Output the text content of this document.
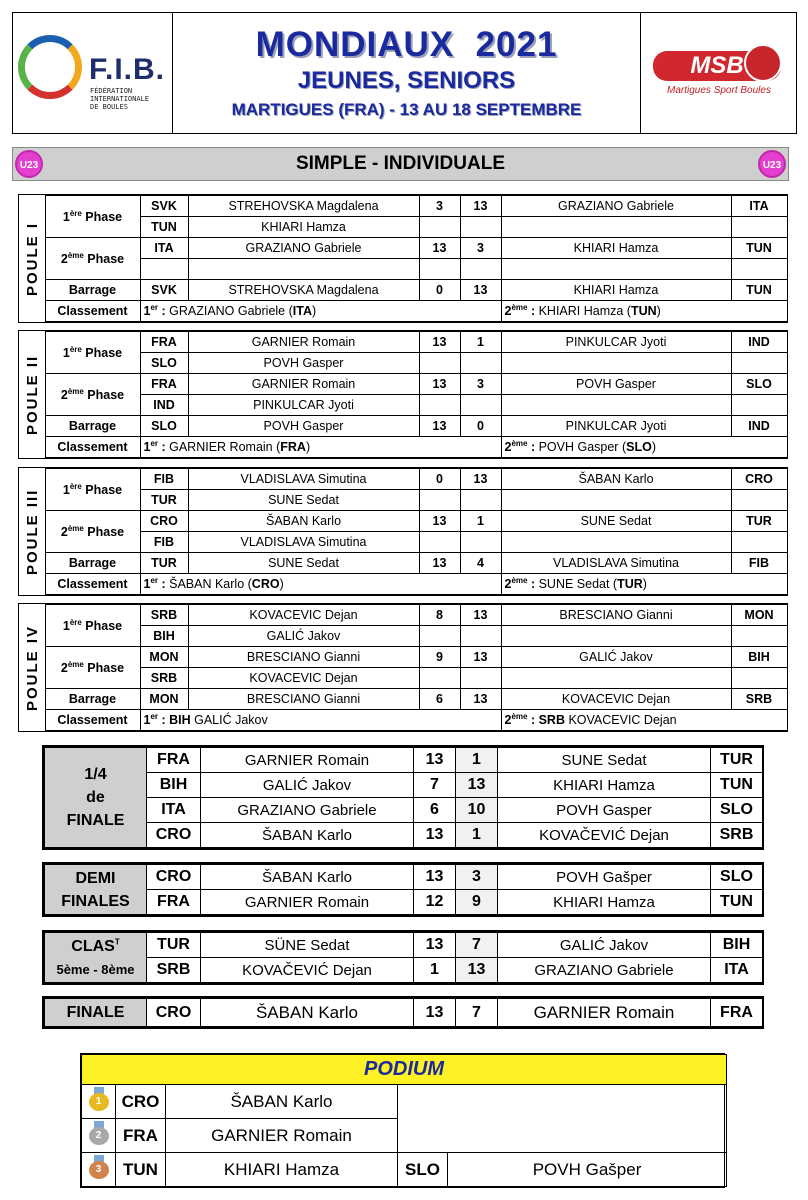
F.I.B.
FÉDÉRATION
INTERNATIONALE
DE BOULES
MONDIAUX  2021
JEUNES, SENIORS
MARTIGUES (FRA) - 13 AU 18 SEPTEMBRE
MSB
Martigues Sport Boules
U23	SIMPLE - INDIVIDUALE	U23
POULE I	1ère Phase	SVK	STREHOVSKA Magdalena	3	13	GRAZIANO Gabriele	ITA
		TUN	KHIARI Hamza				
	2ème Phase	ITA	GRAZIANO Gabriele	13	3	KHIARI Hamza	TUN

	Barrage	SVK	STREHOVSKA Magdalena	0	13	KHIARI Hamza	TUN
	Classement	1er : GRAZIANO Gabriele (ITA)				2ème : KHIARI Hamza (TUN)	
POULE II	1ère Phase	FRA	GARNIER Romain	13	1	PINKULCAR Jyoti	IND
		SLO	POVH Gasper				
	2ème Phase	FRA	GARNIER Romain	13	3	POVH Gasper	SLO
		IND	PINKULCAR Jyoti				
	Barrage	SLO	POVH Gasper	13	0	PINKULCAR Jyoti	IND
	Classement	1er : GARNIER Romain (FRA)				2ème : POVH Gasper (SLO)	
POULE III	1ère Phase	FIB	VLADISLAVA Simutina	0	13	ŠABAN Karlo	CRO
		TUR	SUNE Sedat				
	2ème Phase	CRO	ŠABAN Karlo	13	1	SUNE Sedat	TUR
		FIB	VLADISLAVA Simutina				
	Barrage	TUR	SUNE Sedat	13	4	VLADISLAVA Simutina	FIB
	Classement	1er : ŠABAN Karlo (CRO)				2ème : SUNE Sedat (TUR)	
POULE IV	1ère Phase	SRB	KOVACEVIC Dejan	8	13	BRESCIANO Gianni	MON
		BIH	GALIĆ Jakov				
	2ème Phase	MON	BRESCIANO Gianni	9	13	GALIĆ Jakov	BIH
		SRB	KOVACEVIC Dejan				
	Barrage	MON	BRESCIANO Gianni	6	13	KOVACEVIC Dejan	SRB
	Classement	1er : BIH GALIĆ Jakov				2ème : SRB KOVACEVIC Dejan	
1/4
de
FINALE	FRA	GARNIER Romain	13	1	SUNE Sedat	TUR
	BIH	GALIĆ Jakov	7	13	KHIARI Hamza	TUN
	ITA	GRAZIANO Gabriele	6	10	POVH Gasper	SLO
	CRO	ŠABAN Karlo	13	1	KOVAČEVIĆ Dejan	SRB
DEMI
FINALES	CRO	ŠABAN Karlo	13	3	POVH Gašper	SLO
	FRA	GARNIER Romain	12	9	KHIARI Hamza	TUN
$CLAS^T$
5ème - 8ème	TUR	SÜNE Sedat	13	7	GALIĆ Jakov	BIH
	SRB	KOVAČEVIĆ Dejan	1	13	GRAZIANO Gabriele	ITA
FINALE	CRO	ŠABAN Karlo	13	7	GARNIER Romain	FRA
PODIUM				

1	CRO	ŠABAN Karlo		

2	FRA	GARNIER Romain		

3	TUN	KHIARI Hamza	SLO	POVH Gašper
